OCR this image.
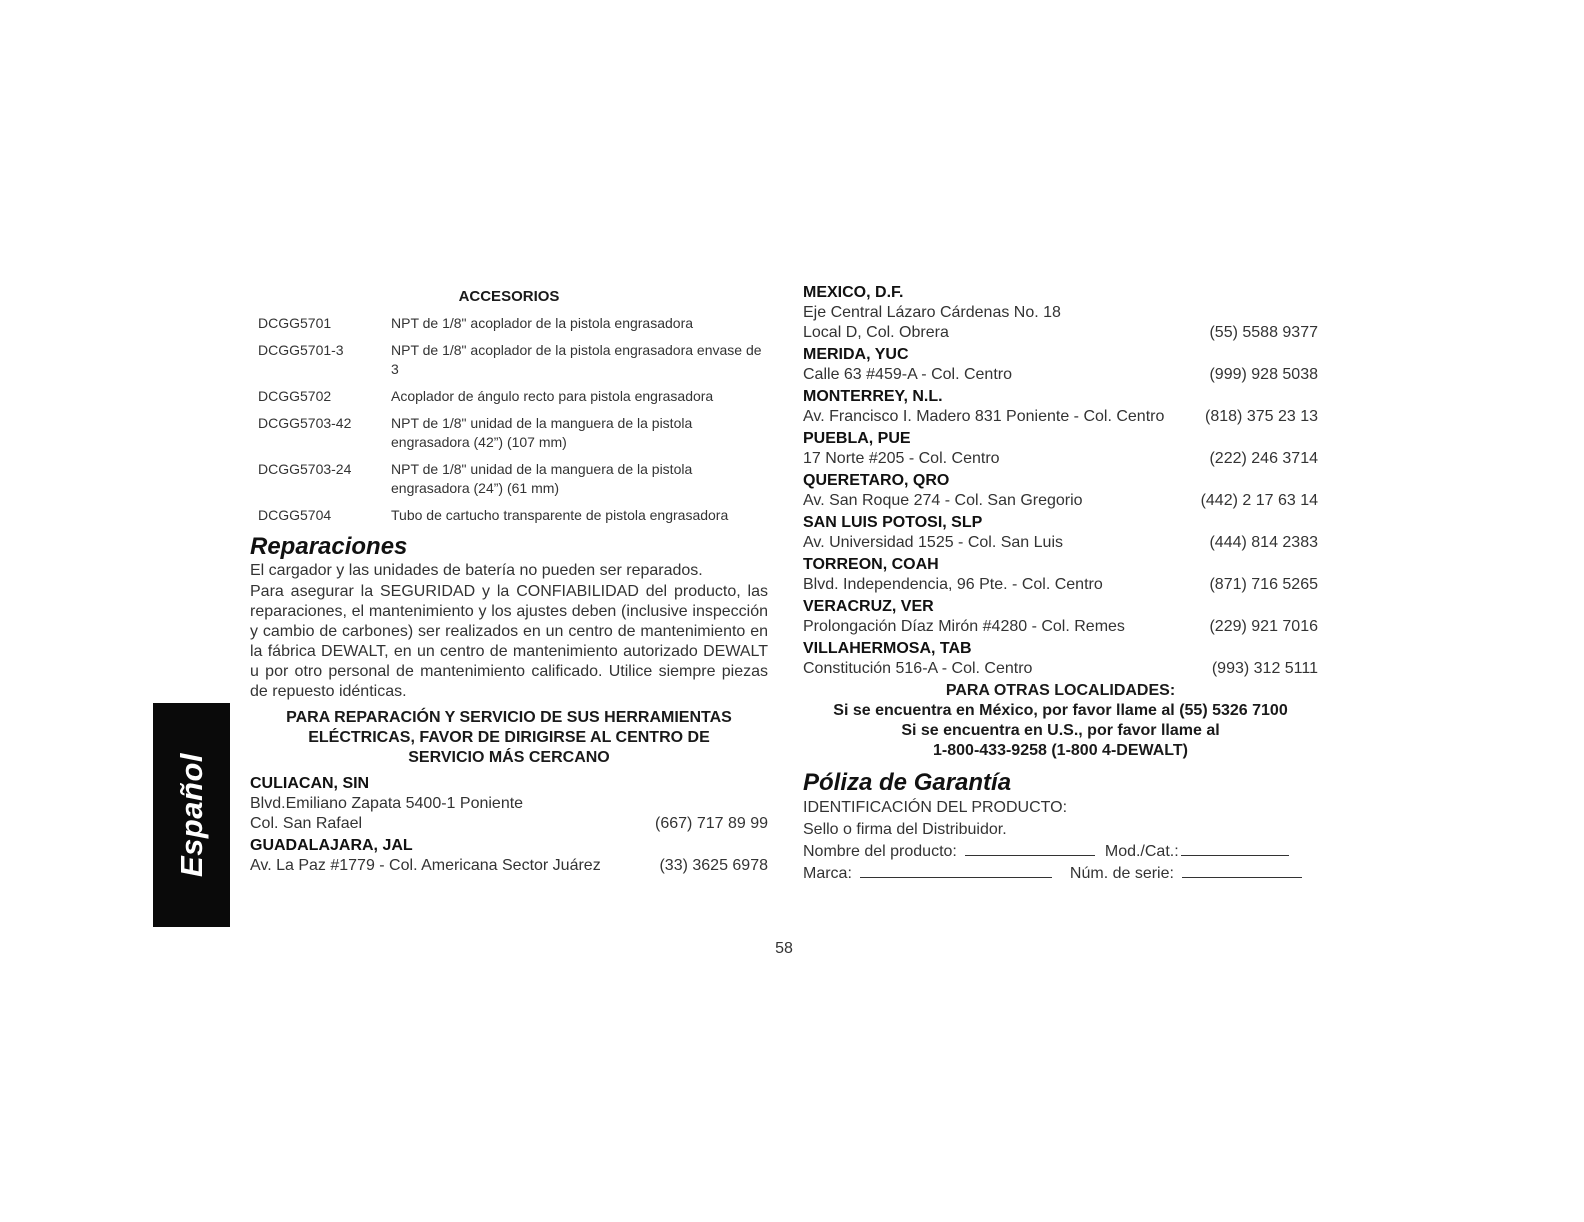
Español
ACCESORIOS
DCGG5701	NPT de 1/8" acoplador de la pistola engrasadora
DCGG5701-3	NPT de 1/8" acoplador de la pistola engrasadora envase de 3
DCGG5702	Acoplador de ángulo recto para pistola engrasadora
DCGG5703-42	NPT de 1/8" unidad de la manguera de la pistola engrasadora (42”) (107 mm)
DCGG5703-24	NPT de 1/8" unidad de la manguera de la pistola engrasadora (24”) (61 mm)
DCGG5704	Tubo de cartucho transparente de pistola engrasadora
Reparaciones

El cargador y las unidades de batería no pueden ser reparados.

Para asegurar la SEGURIDAD y la CONFIABILIDAD del producto, las reparaciones, el mantenimiento y los ajustes deben (inclusive inspección y cambio de carbones) ser realizados en un centro de mantenimiento en la fábrica DEWALT, en un centro de mantenimiento autorizado DEWALT u por otro personal de mantenimiento calificado. Utilice siempre piezas de repuesto idénticas.

PARA REPARACIÓN Y SERVICIO DE SUS HERRAMIENTAS
ELÉCTRICAS, FAVOR DE DIRIGIRSE AL CENTRO DE
SERVICIO MÁS CERCANO
CULIACAN, SIN
Blvd.Emiliano Zapata 5400-1 Poniente
Col. San Rafael	(667) 717 89 99
GUADALAJARA, JAL
Av. La Paz #1779 - Col. Americana Sector Juárez	(33) 3625 6978
MEXICO, D.F.
Eje Central Lázaro Cárdenas No. 18
Local D, Col. Obrera	(55) 5588 9377
MERIDA, YUC
Calle 63 #459-A - Col. Centro	(999) 928 5038
MONTERREY, N.L.
Av. Francisco I. Madero 831 Poniente - Col. Centro	(818) 375 23 13
PUEBLA, PUE
17 Norte #205 - Col. Centro	(222) 246 3714
QUERETARO, QRO
Av. San Roque 274 - Col. San Gregorio	(442) 2 17 63 14
SAN LUIS POTOSI, SLP
Av. Universidad 1525 - Col. San Luis	(444) 814 2383
TORREON, COAH
Blvd. Independencia, 96 Pte. - Col. Centro	(871) 716 5265
VERACRUZ, VER
Prolongación Díaz Mirón #4280 - Col. Remes	(229) 921 7016
VILLAHERMOSA, TAB
Constitución 516-A - Col. Centro	(993) 312 5111
PARA OTRAS LOCALIDADES:
Si se encuentra en México, por favor llame al (55) 5326 7100
Si se encuentra en U.S., por favor llame al
1-800-433-9258 (1-800 4-DEWALT)
Póliza de Garantía
IDENTIFICACIÓN DEL PRODUCTO:
Sello o firma del Distribuidor.
Nombre del producto:	Mod./Cat.:
Marca:	Núm. de serie:
58
